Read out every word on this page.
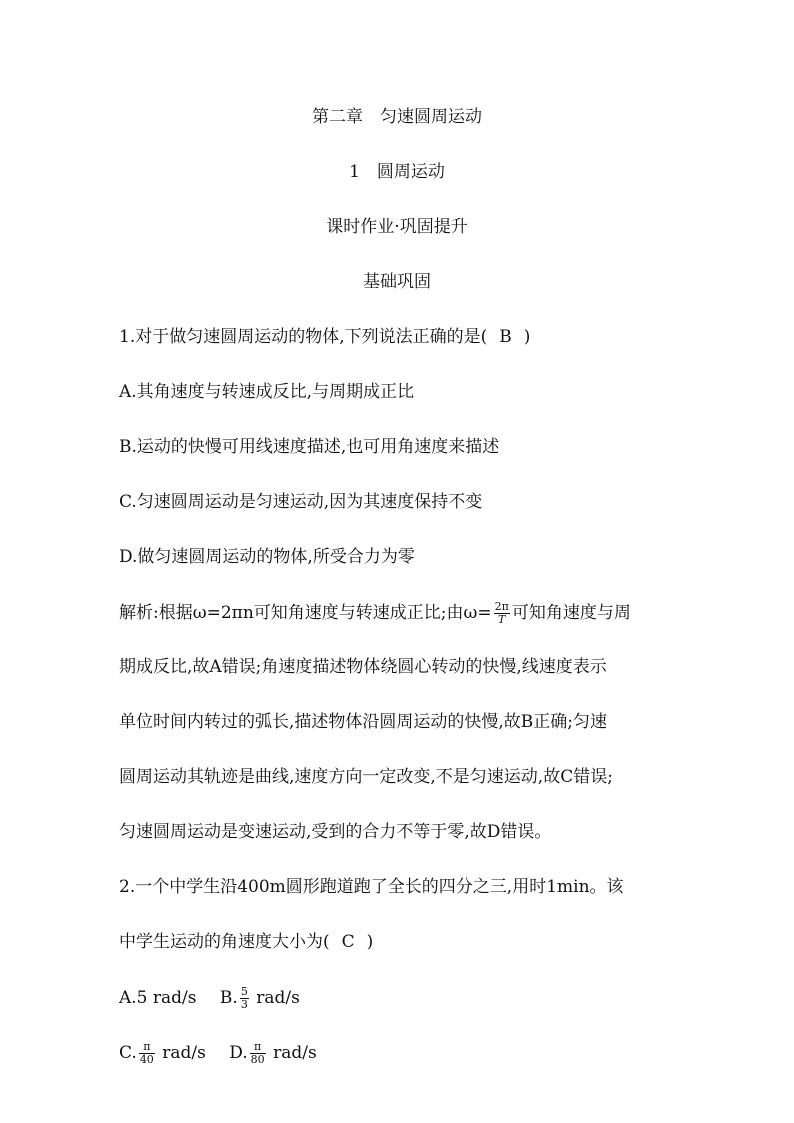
第二章　匀速圆周运动
1　圆周运动
课时作业·巩固提升
基础巩固
1.对于做匀速圆周运动的物体,下列说法正确的是( B )
A.其角速度与转速成反比,与周期成正比
B.运动的快慢可用线速度描述,也可用角速度来描述
C.匀速圆周运动是匀速运动,因为其速度保持不变
D.做匀速圆周运动的物体,所受合力为零
解析:根据ω=2πn可知角速度与转速成正比;由$\omega= \frac{2\pi}{T}$ 可知角速度与周
期成反比,故A错误;角速度描述物体绕圆心转动的快慢,线速度表示
单位时间内转过的弧长,描述物体沿圆周运动的快慢,故B正确;匀速
圆周运动其轨迹是曲线,速度方向一定改变,不是匀速运动,故C错误;
匀速圆周运动是变速运动,受到的合力不等于零,故D错误。
2.一个中学生沿400m圆形跑道跑了全长的四分之三,用时1min。该
中学生运动的角速度大小为( C )
A.5 rad/s B. $\frac{5}{3} rad/s$
C. $\frac{\pi}{40} rad/s$ D. $\frac{\pi}{80} rad/s$
